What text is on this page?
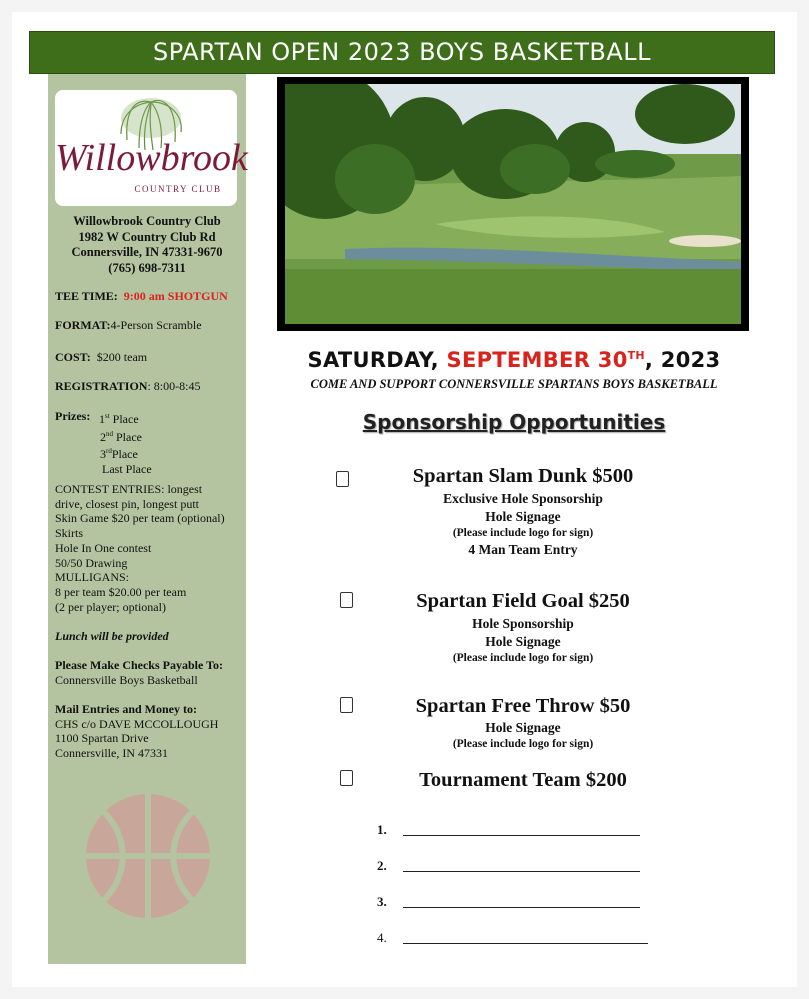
SPARTAN OPEN 2023 BOYS BASKETBALL
Willowbrook
COUNTRY CLUB
Willowbrook Country Club
1982 W Country Club Rd
Connersville, IN 47331-9670
(765) 698-7311
TEE TIME: 9:00 am SHOTGUN
FORMAT:4-Person Scramble
COST: $200 team
REGISTRATION: 8:00-8:45
Prizes: 1st Place
2nd Place
3rdPlace
Last Place
CONTEST ENTRIES: longest
drive, closest pin, longest putt
Skin Game $20 per team (optional)
Skirts
Hole In One contest
50/50 Drawing
MULLIGANS:
8 per team $20.00 per team
(2 per player; optional)
Lunch will be provided
Please Make Checks Payable To:
Connersville Boys Basketball
Mail Entries and Money to:
CHS c/o DAVE MCCOLLOUGH
1100 Spartan Drive
Connersville, IN 47331
SATURDAY, SEPTEMBER 30TH, 2023
COME AND SUPPORT CONNERSVILLE SPARTANS BOYS BASKETBALL
Sponsorship Opportunities
Spartan Slam Dunk $500
Exclusive Hole Sponsorship
Hole Signage
(Please include logo for sign)
4 Man Team Entry
Spartan Field Goal $250
Hole Sponsorship
Hole Signage
(Please include logo for sign)
Spartan Free Throw $50
Hole Signage
(Please include logo for sign)
Tournament Team $200
1.
2.
3.
4.
